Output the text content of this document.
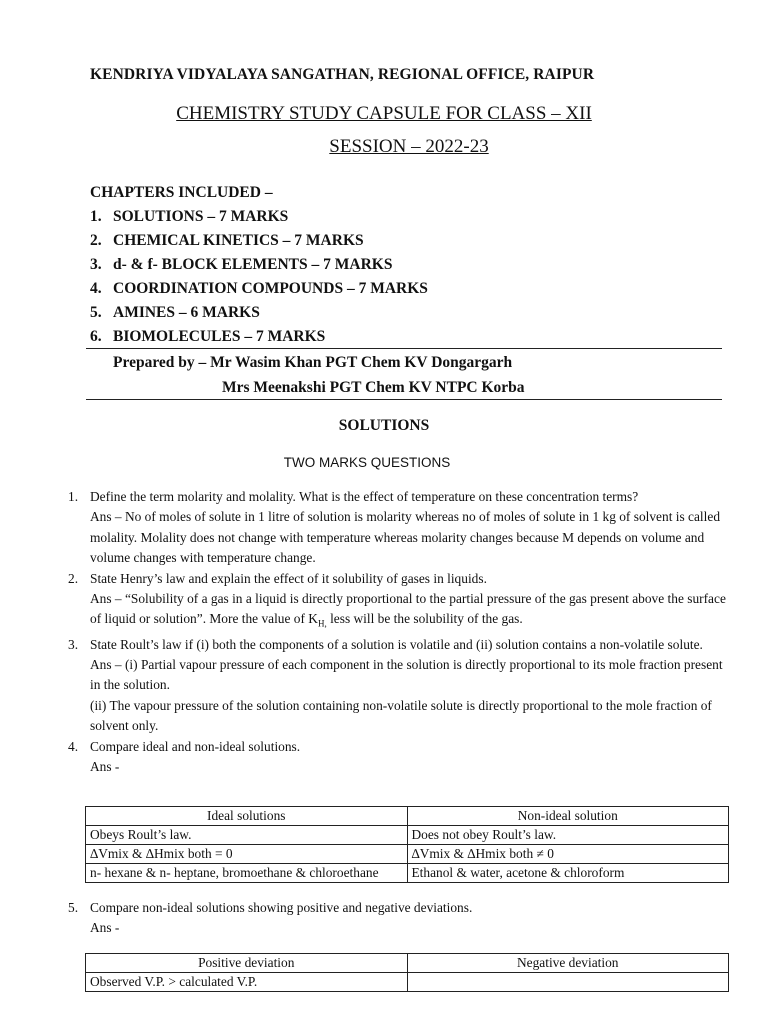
KENDRIYA VIDYALAYA SANGATHAN, REGIONAL OFFICE, RAIPUR
CHEMISTRY STUDY CAPSULE FOR CLASS – XII
SESSION – 2022-23
CHAPTERS INCLUDED –
1. SOLUTIONS – 7 MARKS
2. CHEMICAL KINETICS – 7 MARKS
3. d- & f- BLOCK ELEMENTS – 7 MARKS
4. COORDINATION COMPOUNDS – 7 MARKS
5. AMINES – 6 MARKS
6. BIOMOLECULES – 7 MARKS
Prepared by – Mr Wasim Khan PGT Chem KV Dongargarh
Mrs Meenakshi PGT Chem KV NTPC Korba
SOLUTIONS
TWO MARKS QUESTIONS
1. Define the term molarity and molality. What is the effect of temperature on these concentration terms?

Ans – No of moles of solute in 1 litre of solution is molarity whereas no of moles of solute in 1 kg of solvent is called molality. Molality does not change with temperature whereas molarity changes because M depends on volume and volume changes with temperature change.

2. State Henry’s law and explain the effect of it solubility of gases in liquids.

Ans – “Solubility of a gas in a liquid is directly proportional to the partial pressure of the gas present above the surface of liquid or solution”. More the value of $K_{H,}$ less will be the solubility of the gas.

3. State Roult’s law if (i) both the components of a solution is volatile and (ii) solution contains a non-volatile solute.

Ans – (i) Partial vapour pressure of each component in the solution is directly proportional to its mole fraction present in the solution.

(ii) The vapour pressure of the solution containing non-volatile solute is directly proportional to the mole fraction of solvent only.

4. Compare ideal and non-ideal solutions.

Ans -

Ideal solutions	Non-ideal solution
Obeys Roult’s law.	Does not obey Roult’s law.
∆Vmix & ∆Hmix both = 0	∆Vmix & ∆Hmix both ≠ 0
n- hexane & n- heptane, bromoethane & chloroethane	Ethanol & water, acetone & chloroform
5. Compare non-ideal solutions showing positive and negative deviations.

Ans -

Positive deviation	Negative deviation
Observed V.P. > calculated V.P.	
